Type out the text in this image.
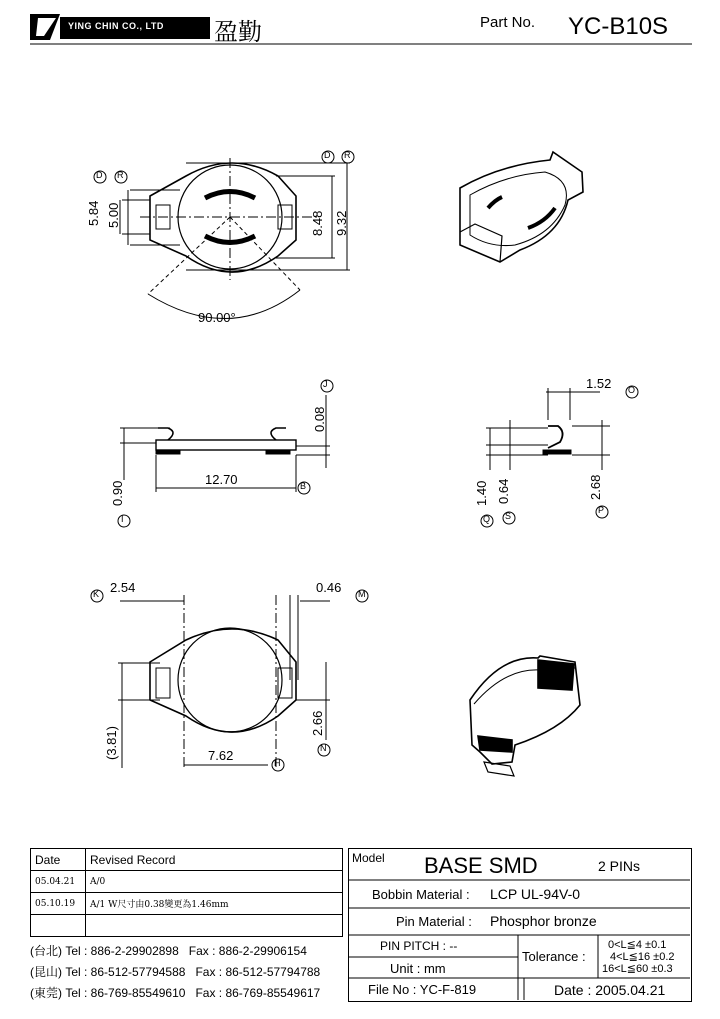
YING CHIN CO., LTD 盈勤	Part No. YC-B10S
5.84 5.00	8.48 9.32
90.00°
D R
D R
0.08
J
12.70	B
0.90
I
1.52 O
1.40
Q
0.64
S
2.68
P
2.54
K	0.46 M
(3.81)
2.66
N
7.62	H
Date	Revised Record
05.04.21	A/0
05.10.19	A/1 W尺寸由0.38變更為1.46mm

(台北) Tel : 886-2-29902898 Fax : 886-2-29906154
(昆山) Tel : 86-512-57794588 Fax : 86-512-57794788
(東莞) Tel : 86-769-85549610 Fax : 86-769-85549617
Model BASE SMD	2 PINs
Bobbin Material : LCP UL-94V-0
Pin Material : Phosphor bronze
PIN PITCH : --
Unit : mm
Tolerance :
0<L≦4 ±0.1
4<L≦16 ±0.2
16<L≦60 ±0.3
File No : YC-F-819	Date : 2005.04.21
